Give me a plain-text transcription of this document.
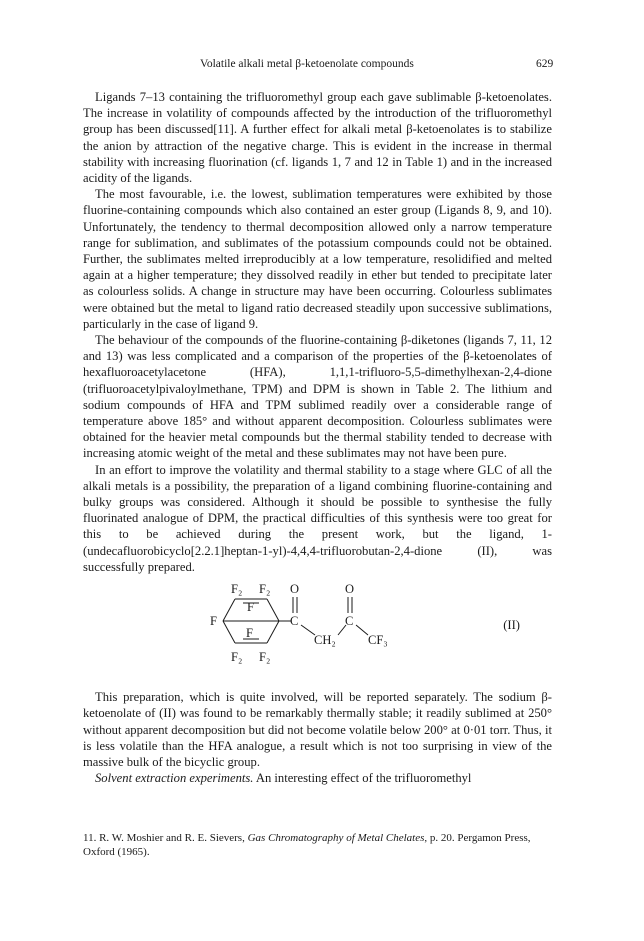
Volatile alkali metal β-ketoenolate compounds	629

Ligands 7–13 containing the trifluoromethyl group each gave sublimable β-ketoenolates. The increase in volatility of compounds affected by the introduction of the trifluoromethyl group has been discussed[11]. A further effect for alkali metal β-ketoenolates is to stabilize the anion by attraction of the negative charge. This is evident in the increase in thermal stability with increasing fluorination (cf. ligands 1, 7 and 12 in Table 1) and in the increased acidity of the ligands.

The most favourable, i.e. the lowest, sublimation temperatures were exhibited by those fluorine-containing compounds which also contained an ester group (Ligands 8, 9, and 10). Unfortunately, the tendency to thermal decomposition allowed only a narrow temperature range for sublimation, and sublimates of the potassium compounds could not be obtained. Further, the sublimates melted irreproducibly at a low temperature, resolidified and melted again at a higher temperature; they dissolved readily in ether but tended to precipitate later as colourless solids. A change in structure may have been occurring. Colourless sublimates were obtained but the metal to ligand ratio decreased steadily upon successive sublimations, particularly in the case of ligand 9.

The behaviour of the compounds of the fluorine-containing β-diketones (ligands 7, 11, 12 and 13) was less complicated and a comparison of the properties of the β-ketoenolates of hexafluoroacetylacetone (HFA), 1,1,1-trifluoro-5,5-dimethylhexan-2,4-dione (trifluoroacetylpivaloylmethane, TPM) and DPM is shown in Table 2. The lithium and sodium compounds of HFA and TPM sublimed readily over a considerable range of temperature above 185° and without apparent decomposition. Colourless sublimates were obtained for the heavier metal compounds but the thermal stability tended to decrease with increasing atomic weight of the metal and these sublimates may not have been pure.

In an effort to improve the volatility and thermal stability to a stage where GLC of all the alkali metals is a possibility, the preparation of a ligand combining fluorine-containing and bulky groups was considered. Although it should be possible to synthesise the fully fluorinated analogue of DPM, the practical difficulties of this synthesis were too great for this to be achieved during the present work, but the ligand, 1-(undecafluorobicyclo[2.2.1]heptan-1-yl)-4,4,4-trifluorobutan-2,4-dione (II), was successfully prepared.

F₂ F₂ O	O
F
F
F
C	C
CH₂	CF₃
F₂ F₂
(II)

This preparation, which is quite involved, will be reported separately. The sodium β-ketoenolate of (II) was found to be remarkably thermally stable; it readily sublimed at 250° without apparent decomposition but did not become volatile below 200° at 0·01 torr. Thus, it is less volatile than the HFA analogue, a result which is not too surprising in view of the massive bulk of the bicyclic group.

Solvent extraction experiments. An interesting effect of the trifluoromethyl

11. R. W. Moshier and R. E. Sievers, Gas Chromatography of Metal Chelates, p. 20. Pergamon Press, Oxford (1965).
